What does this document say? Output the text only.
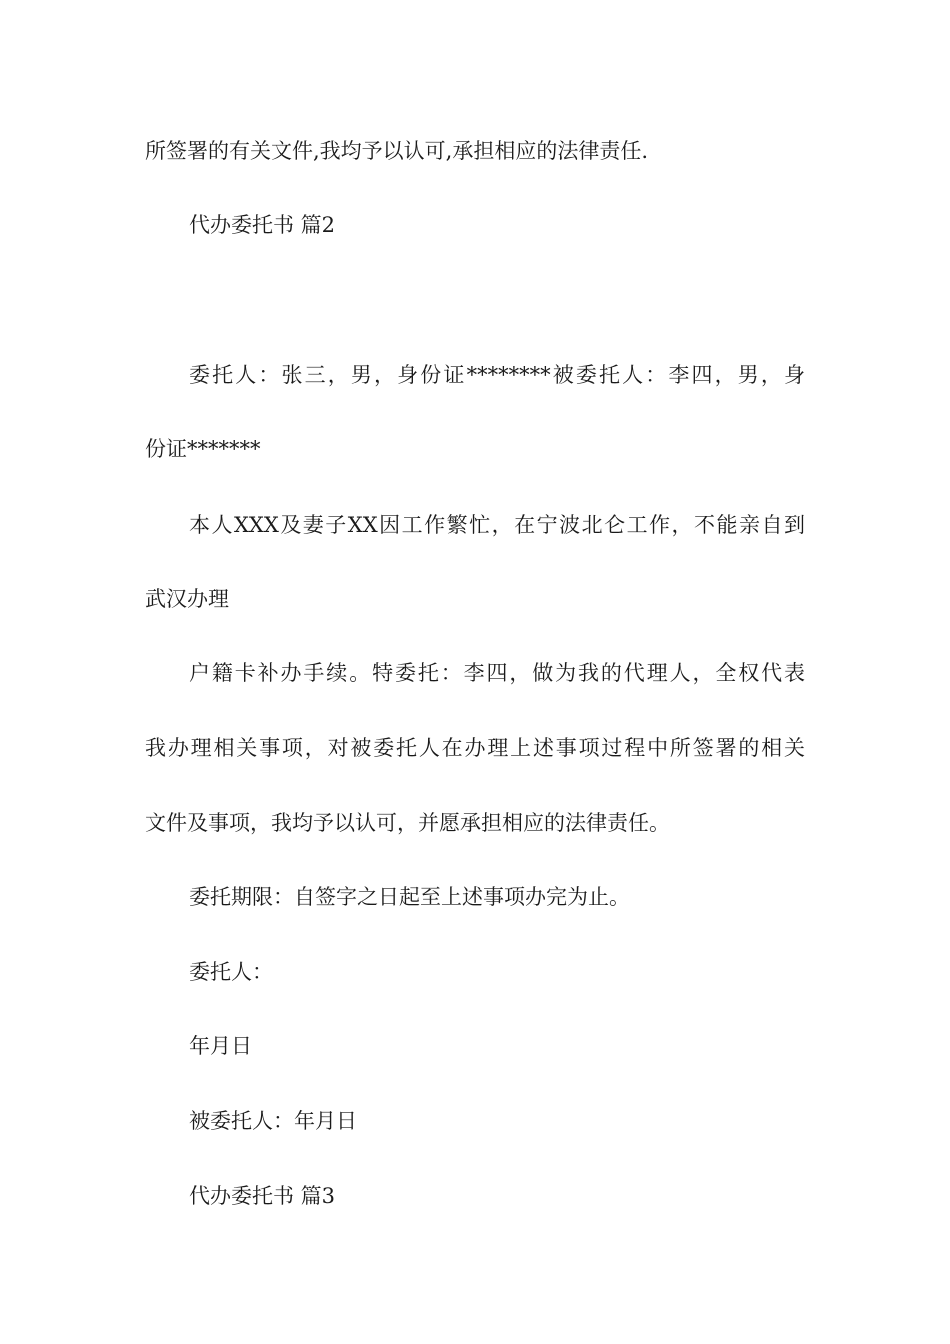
所签署的有关文件,我均予以认可,承担相应的法律责任.

代办委托书 篇2

委托人：张三，男，身份证********被委托人：李四，男，身

份证*******

本人XXX及妻子XX因工作繁忙，在宁波北仑工作，不能亲自到

武汉办理

户籍卡补办手续。特委托：李四，做为我的代理人，全权代表

我办理相关事项，对被委托人在办理上述事项过程中所签署的相关

文件及事项，我均予以认可，并愿承担相应的法律责任。

委托期限：自签字之日起至上述事项办完为止。

委托人：

年月日

被委托人：年月日

代办委托书 篇3
